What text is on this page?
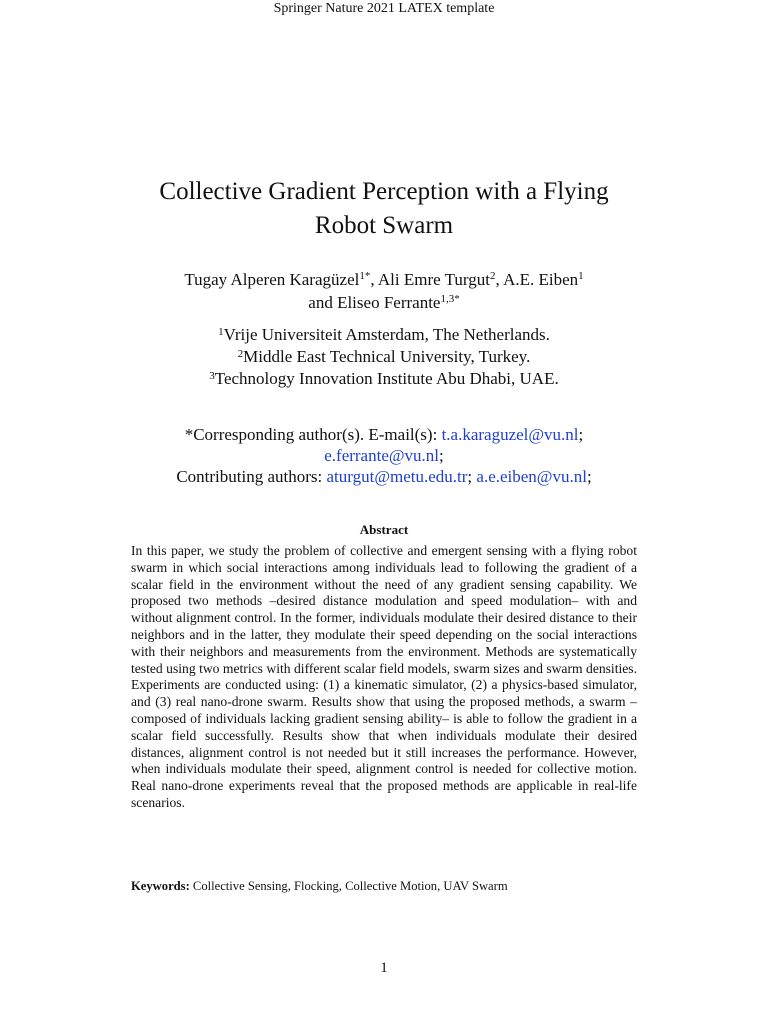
Springer Nature 2021 LATEX template
Collective Gradient Perception with a Flying
Robot Swarm
Tugay Alperen Karagüzel$^{1*}$, Ali Emre Turgut$^2$, A.E. Eiben$^1$
and Eliseo Ferrante$^{1,3*}$
$^1$Vrije Universiteit Amsterdam, The Netherlands.
$^2$Middle East Technical University, Turkey.
$^3$Technology Innovation Institute Abu Dhabi, UAE.
*Corresponding author(s). E-mail(s): t.a.karaguzel@vu.nl;
e.ferrante@vu.nl;
Contributing authors: aturgut@metu.edu.tr; a.e.eiben@vu.nl;
Abstract
In this paper, we study the problem of collective and emergent sensing with a flying robot swarm in which social interactions among individuals lead to following the gradient of a scalar field in the environment without the need of any gradient sensing capability. We proposed two methods –desired distance modulation and speed modulation– with and without alignment control. In the former, individuals modulate their desired distance to their neighbors and in the latter, they modulate their speed depending on the social interactions with their neighbors and measurements from the environment. Methods are systematically tested using two metrics with different scalar field models, swarm sizes and swarm densities. Experiments are conducted using: (1) a kinematic simulator, (2) a physics-based simulator, and (3) real nano-drone swarm. Results show that using the proposed methods, a swarm –composed of individuals lacking gradient sensing ability– is able to follow the gradient in a scalar field successfully. Results show that when individuals modulate their desired distances, alignment control is not needed but it still increases the performance. However, when individuals modulate their speed, alignment control is needed for collective motion. Real nano-drone experiments reveal that the proposed methods are applicable in real-life scenarios.
Keywords: Collective Sensing, Flocking, Collective Motion, UAV Swarm
1
